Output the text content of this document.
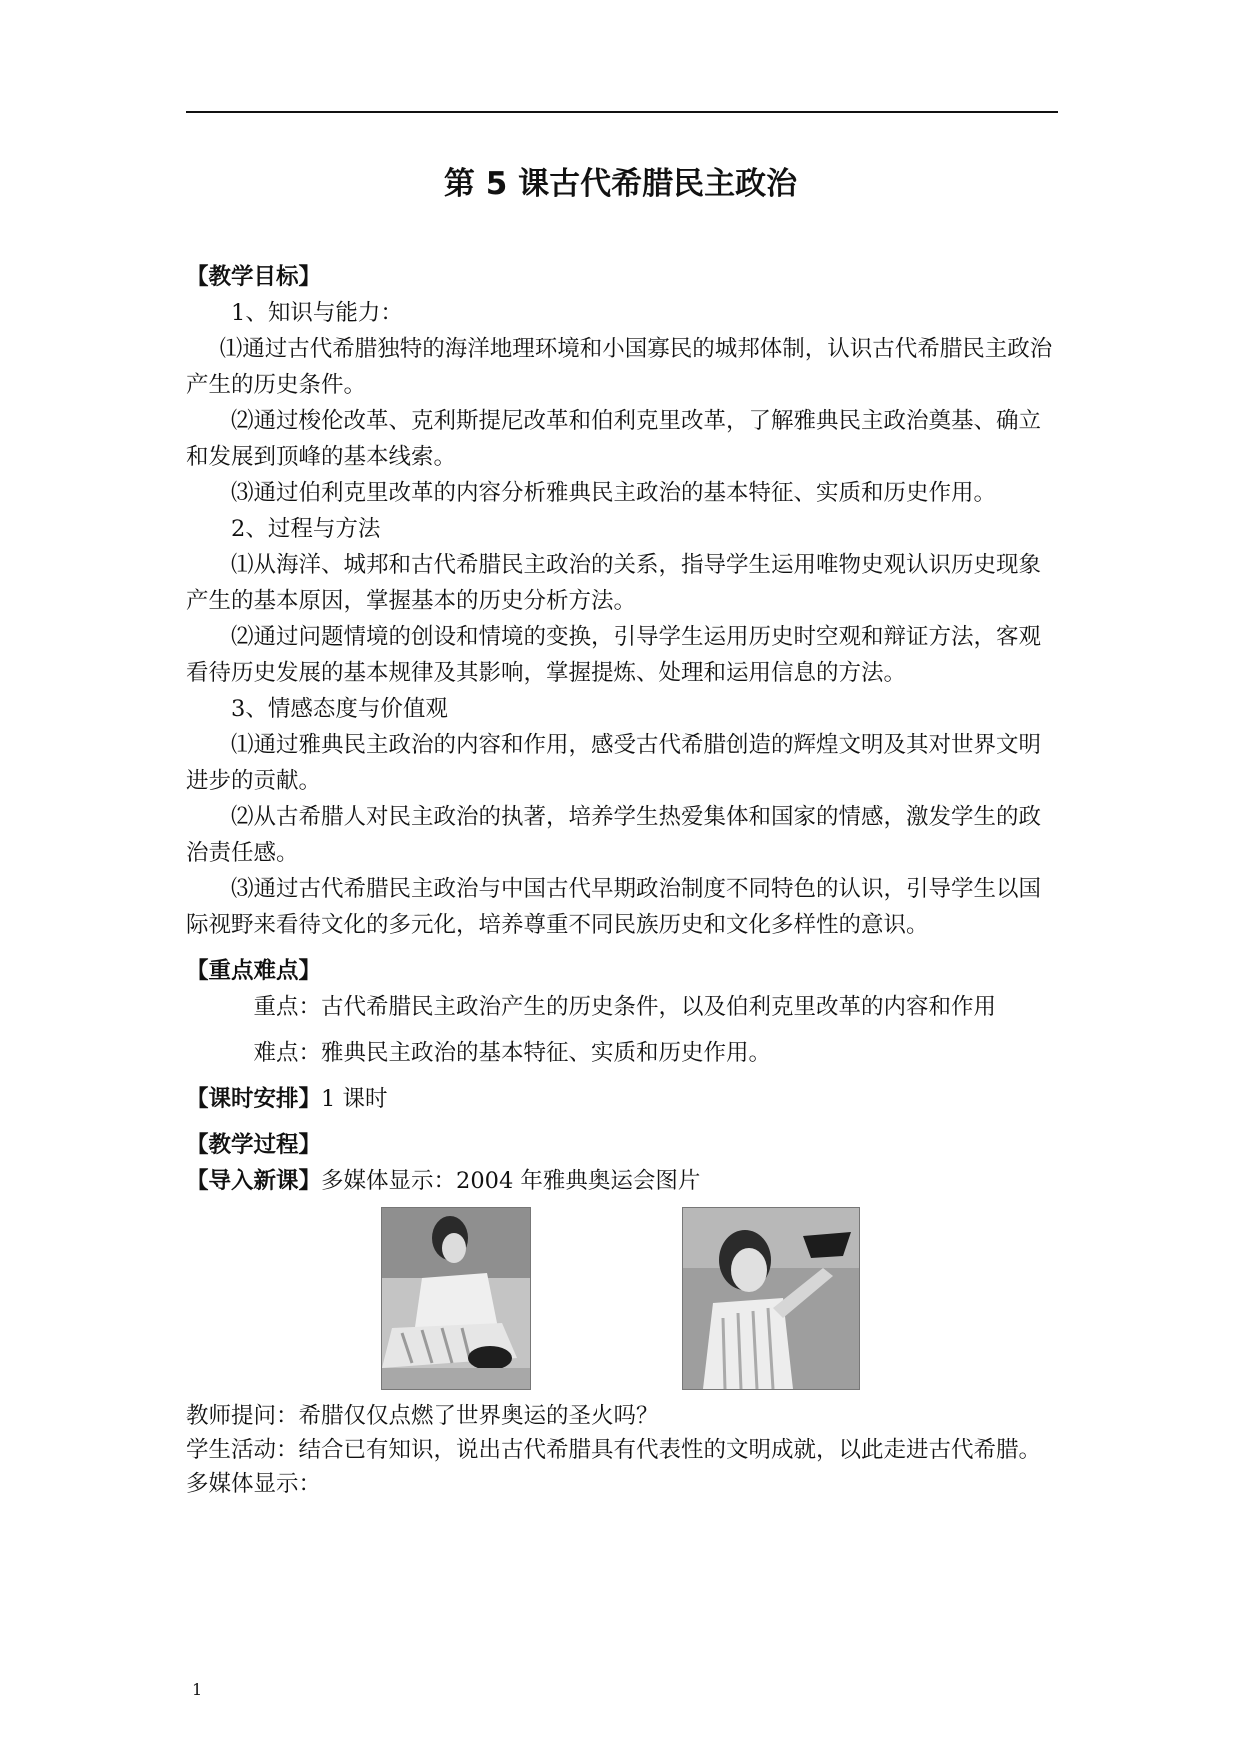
第 5 课古代希腊民主政治

【教学目标】

1、知识与能力：

⑴通过古代希腊独特的海洋地理环境和小国寡民的城邦体制，认识古代希腊民主政治产生的历史条件。

⑵通过梭伦改革、克利斯提尼改革和伯利克里改革，了解雅典民主政治奠基、确立和发展到顶峰的基本线索。

⑶通过伯利克里改革的内容分析雅典民主政治的基本特征、实质和历史作用。

2、过程与方法

⑴从海洋、城邦和古代希腊民主政治的关系，指导学生运用唯物史观认识历史现象产生的基本原因，掌握基本的历史分析方法。

⑵通过问题情境的创设和情境的变换，引导学生运用历史时空观和辩证方法，客观看待历史发展的基本规律及其影响，掌握提炼、处理和运用信息的方法。

3、情感态度与价值观

⑴通过雅典民主政治的内容和作用，感受古代希腊创造的辉煌文明及其对世界文明进步的贡献。

⑵从古希腊人对民主政治的执著，培养学生热爱集体和国家的情感，激发学生的政治责任感。

⑶通过古代希腊民主政治与中国古代早期政治制度不同特色的认识，引导学生以国际视野来看待文化的多元化，培养尊重不同民族历史和文化多样性的意识。

【重点难点】

重点：古代希腊民主政治产生的历史条件，以及伯利克里改革的内容和作用

难点：雅典民主政治的基本特征、实质和历史作用。

【课时安排】1 课时

【教学过程】

【导入新课】多媒体显示：2004 年雅典奥运会图片

教师提问：希腊仅仅点燃了世界奥运的圣火吗？

学生活动：结合已有知识，说出古代希腊具有代表性的文明成就，以此走进古代希腊。

多媒体显示：

1
